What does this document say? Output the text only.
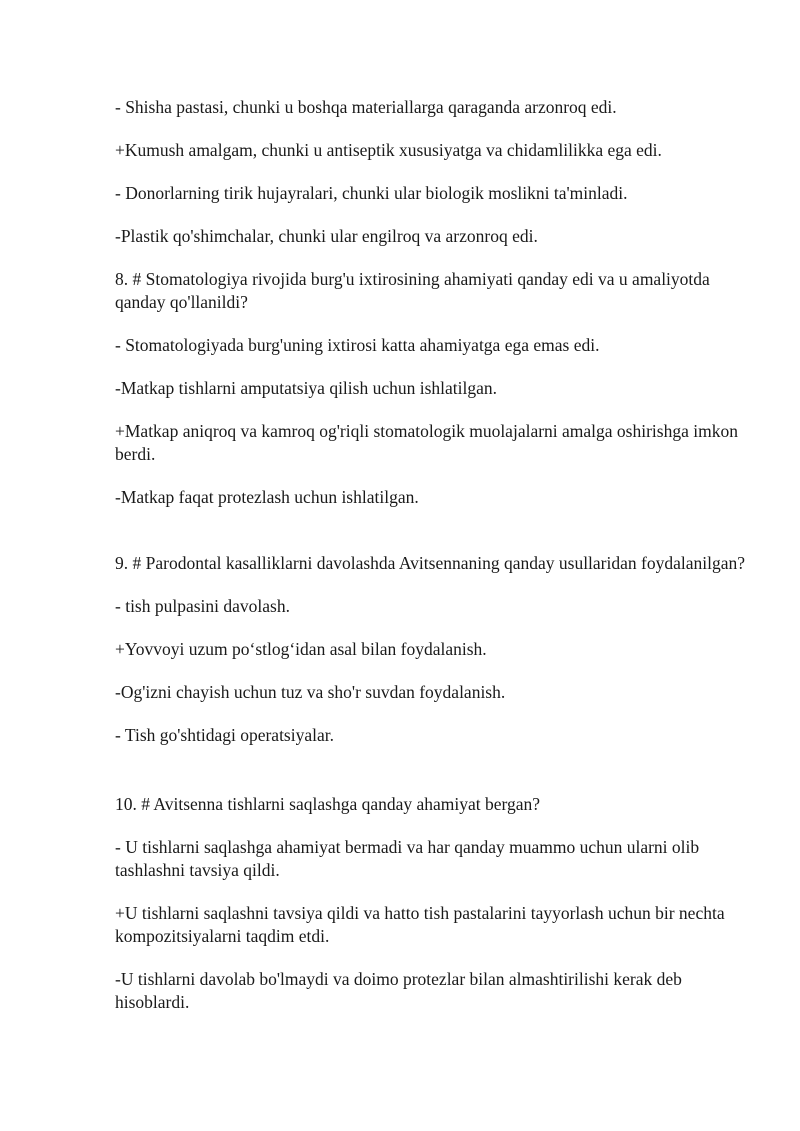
- Shisha pastasi, chunki u boshqa materiallarga qaraganda arzonroq edi.

+Kumush amalgam, chunki u antiseptik xususiyatga va chidamlilikka ega edi.

- Donorlarning tirik hujayralari, chunki ular biologik moslikni ta'minladi.

-Plastik qo'shimchalar, chunki ular engilroq va arzonroq edi.

8. # Stomatologiya rivojida burg'u ixtirosining ahamiyati qanday edi va u amaliyotda qanday qo'llanildi?

- Stomatologiyada burg'uning ixtirosi katta ahamiyatga ega emas edi.

-Matkap tishlarni amputatsiya qilish uchun ishlatilgan.

+Matkap aniqroq va kamroq og'riqli stomatologik muolajalarni amalga oshirishga imkon berdi.

-Matkap faqat protezlash uchun ishlatilgan.

9. # Parodontal kasalliklarni davolashda Avitsennaning qanday usullaridan foydalanilgan?

- tish pulpasini davolash.

+Yovvoyi uzum po‘stlog‘idan asal bilan foydalanish.

-Og'izni chayish uchun tuz va sho'r suvdan foydalanish.

- Tish go'shtidagi operatsiyalar.

10. # Avitsenna tishlarni saqlashga qanday ahamiyat bergan?

- U tishlarni saqlashga ahamiyat bermadi va har qanday muammo uchun ularni olib tashlashni tavsiya qildi.

+U tishlarni saqlashni tavsiya qildi va hatto tish pastalarini tayyorlash uchun bir nechta kompozitsiyalarni taqdim etdi.

-U tishlarni davolab bo'lmaydi va doimo protezlar bilan almashtirilishi kerak deb hisoblardi.
